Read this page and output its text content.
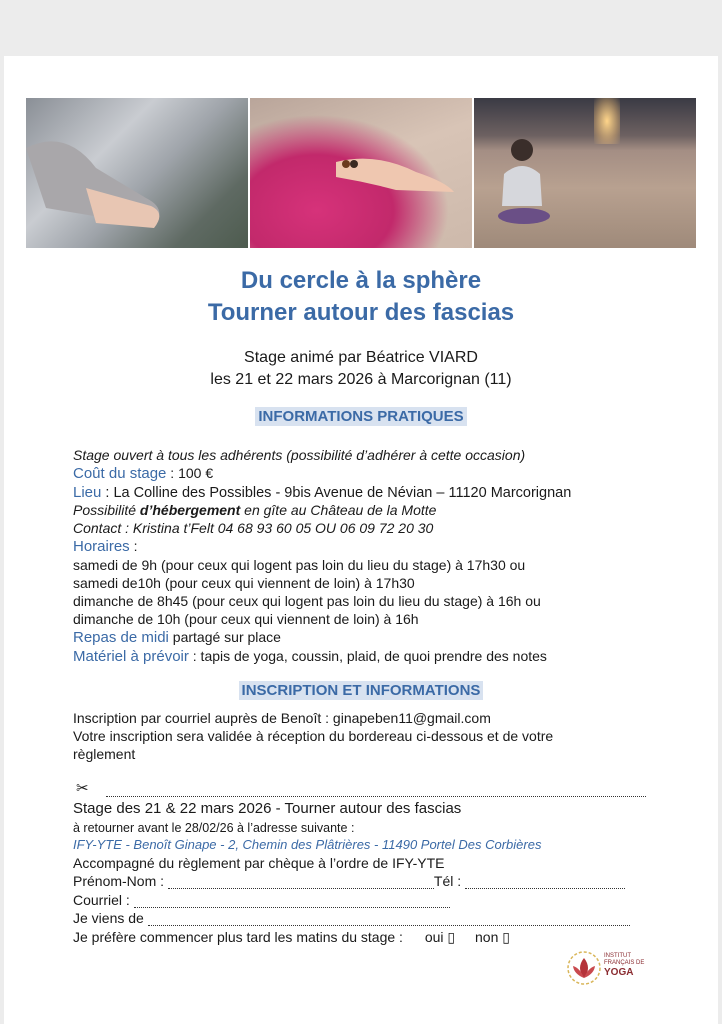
Du cercle à la sphère
Tourner autour des fascias
Stage animé par Béatrice VIARD
les 21 et 22 mars 2026 à Marcorignan (11)
INFORMATIONS PRATIQUES
Stage ouvert à tous les adhérents (possibilité d’adhérer à cette occasion)
Coût du stage : 100 €
Lieu : La Colline des Possibles - 9bis Avenue de Névian – 11120 Marcorignan
Possibilité d’hébergement en gîte au Château de la Motte
Contact : Kristina t’Felt 04 68 93 60 05 OU 06 09 72 20 30
Horaires :
samedi de 9h (pour ceux qui logent pas loin du lieu du stage) à 17h30 ou
samedi de10h (pour ceux qui viennent de loin) à 17h30
dimanche de 8h45 (pour ceux qui logent pas loin du lieu du stage) à 16h ou
dimanche de 10h (pour ceux qui viennent de loin) à 16h
Repas de midi partagé sur place
Matériel à prévoir : tapis de yoga, coussin, plaid, de quoi prendre des notes
INSCRIPTION ET INFORMATIONS
Inscription par courriel auprès de Benoît : ginapeben11@gmail.com
Votre inscription sera validée à réception du bordereau ci-dessous et de votre
règlement
✂
Stage des 21 & 22 mars 2026 - Tourner autour des fascias
à retourner avant le 28/02/26 à l’adresse suivante :
IFY-YTE - Benoît Ginape - 2, Chemin des Plâtrières - 11490 Portel Des Corbières
Accompagné du règlement par chèque à l’ordre de IFY-YTE
Prénom-Nom :	Tél :
Courriel :
Je viens de
Je préfère commencer plus tard les matins du stage : oui ▯ non ▯
INSTITUT
FRANÇAIS DE
YOGA
